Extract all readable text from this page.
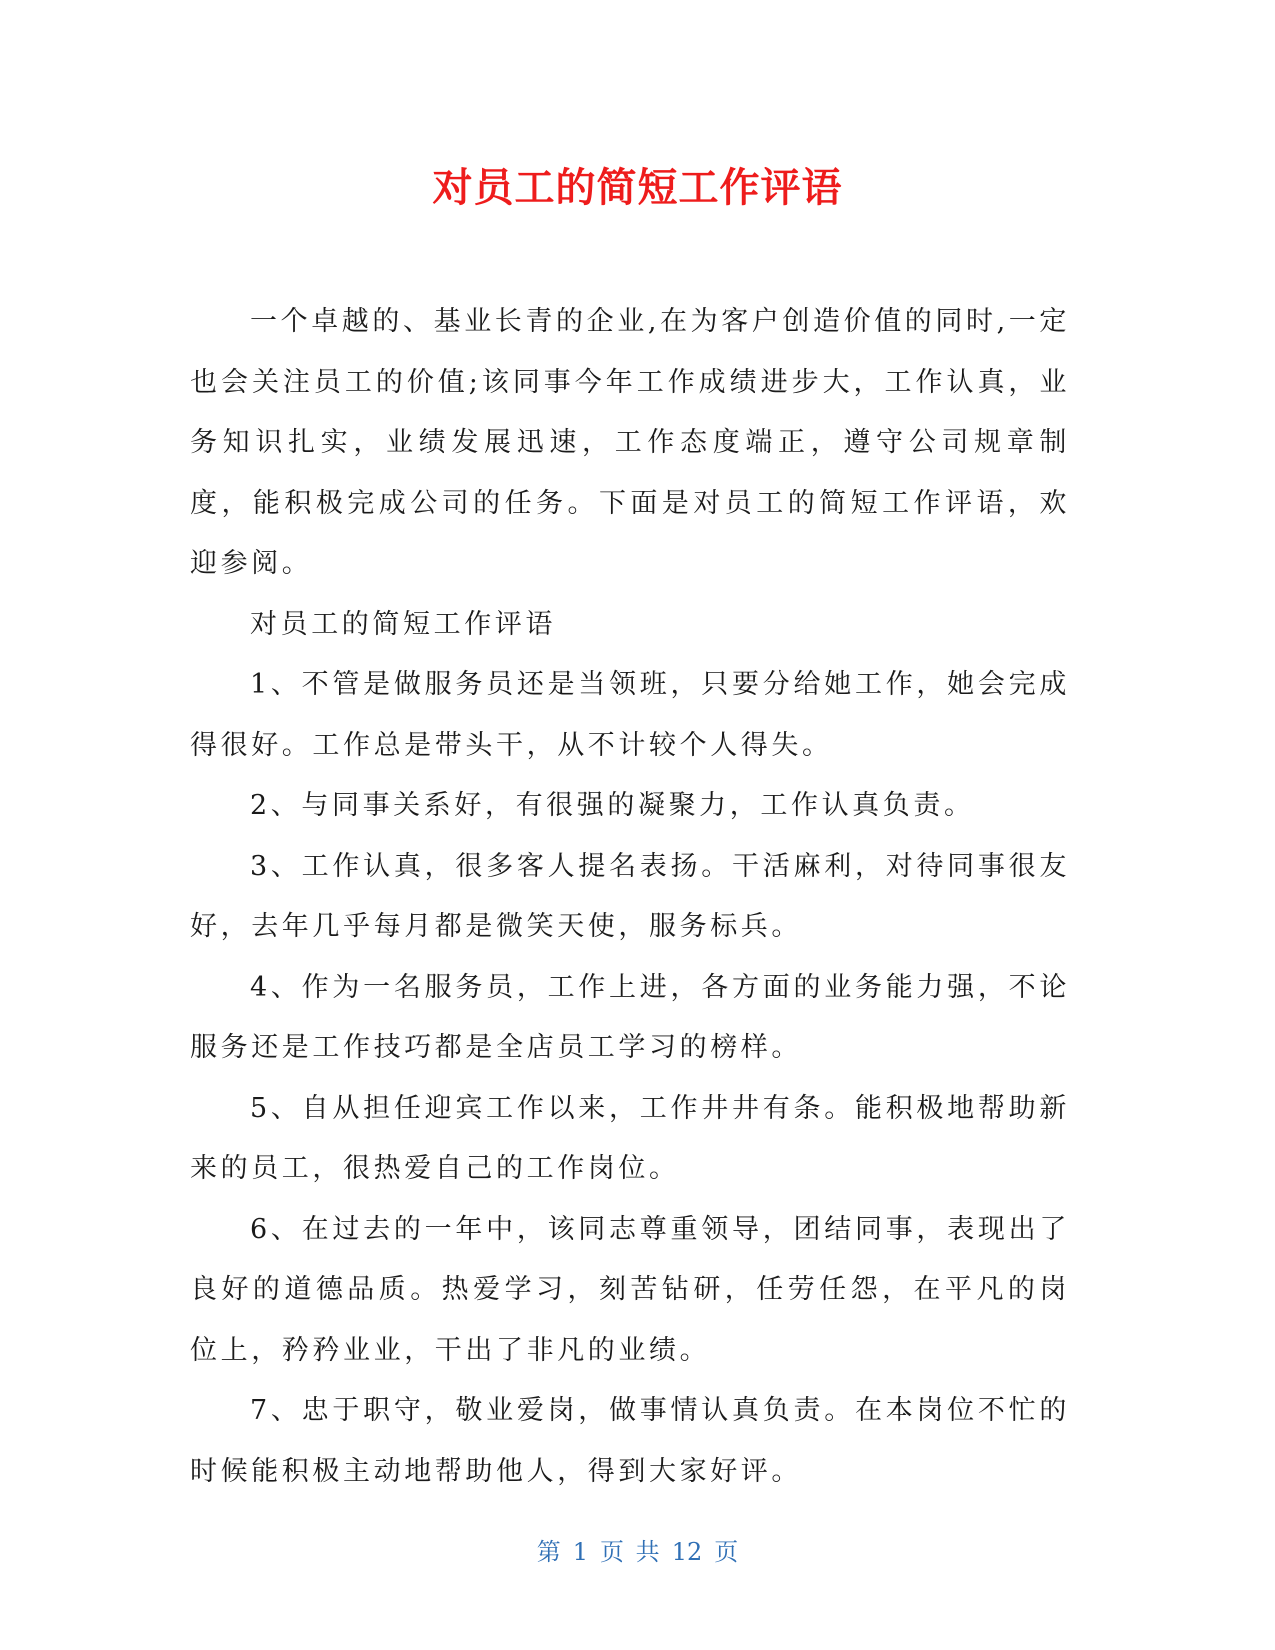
对员工的简短工作评语

一个卓越的、基业长青的企业,在为客户创造价值的同时,一定也会关注员工的价值;该同事今年工作成绩进步大，工作认真，业务知识扎实，业绩发展迅速，工作态度端正，遵守公司规章制度，能积极完成公司的任务。下面是对员工的简短工作评语，欢迎参阅。

对员工的简短工作评语

1、不管是做服务员还是当领班，只要分给她工作，她会完成得很好。工作总是带头干，从不计较个人得失。

2、与同事关系好，有很强的凝聚力，工作认真负责。

3、工作认真，很多客人提名表扬。干活麻利，对待同事很友好，去年几乎每月都是微笑天使，服务标兵。

4、作为一名服务员，工作上进，各方面的业务能力强，不论服务还是工作技巧都是全店员工学习的榜样。

5、自从担任迎宾工作以来，工作井井有条。能积极地帮助新来的员工，很热爱自己的工作岗位。

6、在过去的一年中，该同志尊重领导，团结同事，表现出了良好的道德品质。热爱学习，刻苦钻研，任劳任怨，在平凡的岗位上，矜矜业业，干出了非凡的业绩。

7、忠于职守，敬业爱岗，做事情认真负责。在本岗位不忙的时候能积极主动地帮助他人，得到大家好评。

第 1 页 共 12 页
